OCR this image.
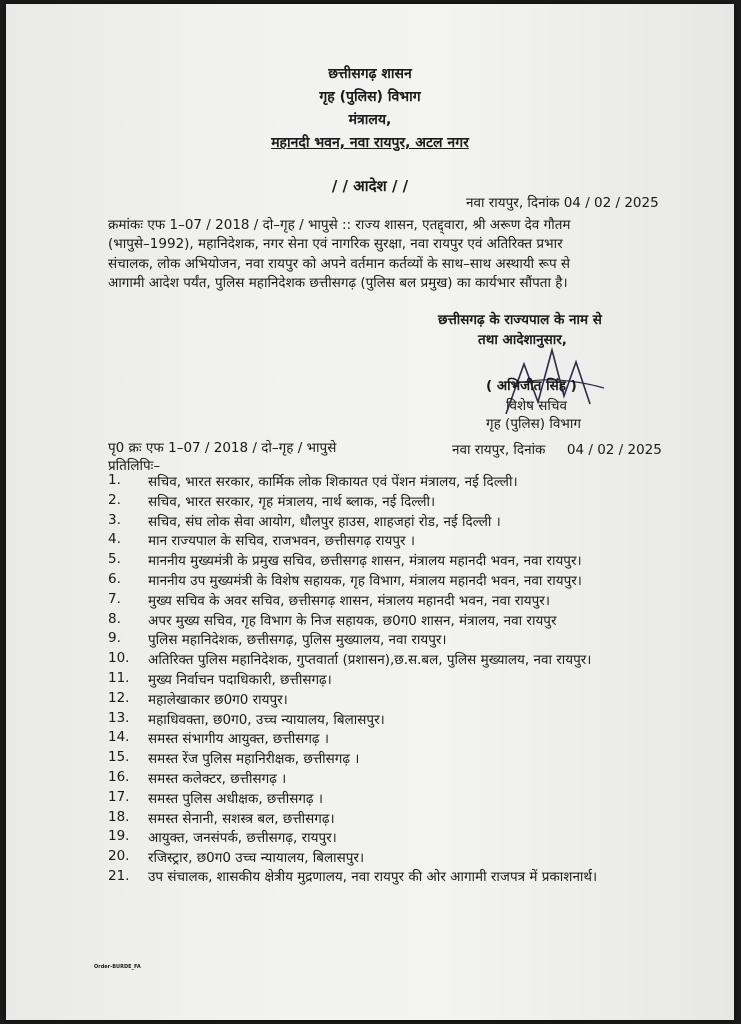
छत्तीसगढ़ शासन
गृह (पुलिस) विभाग
मंत्रालय,
महानदी भवन, नवा रायपुर, अटल नगर
/ / आदेश / /
नवा रायपुर, दिनांक 04 / 02 / 2025
क्रमांकः एफ 1–07 / 2018 / दो–गृह / भापुसे :: राज्य शासन, एतद्द्वारा, श्री अरूण देव गौतम
(भापुसे–1992), महानिदेशक, नगर सेना एवं नागरिक सुरक्षा, नवा रायपुर एवं अतिरिक्त प्रभार
संचालक, लोक अभियोजन, नवा रायपुर को अपने वर्तमान कर्तव्यों के साथ–साथ अस्थायी रूप से
आगामी आदेश पर्यंत, पुलिस महानिदेशक छत्तीसगढ़ (पुलिस बल प्रमुख) का कार्यभार सौंपता है।
छत्तीसगढ़ के राज्यपाल के नाम से
तथा आदेशानुसार,
( अभिजीत सिंह )
विशेष सचिव
गृह (पुलिस) विभाग
पृ0 क्रः एफ 1–07 / 2018 / दो–गृह / भापुसे	नवा रायपुर, दिनांक     04 / 02 / 2025
प्रतिलिपिः–
1.	सचिव, भारत सरकार, कार्मिक लोक शिकायत एवं पेंशन मंत्रालय, नई दिल्ली।
2.	सचिव, भारत सरकार, गृह मंत्रालय, नार्थ ब्लाक, नई दिल्ली।
3.	सचिव, संघ लोक सेवा आयोग, धौलपुर हाउस, शाहजहां रोड, नई दिल्ली ।
4.	मान राज्यपाल के सचिव, राजभवन, छत्तीसगढ़ रायपुर ।
5.	माननीय मुख्यमंत्री के प्रमुख सचिव, छत्तीसगढ़ शासन, मंत्रालय महानदी भवन, नवा रायपुर।
6.	माननीय उप मुख्यमंत्री के विशेष सहायक, गृह विभाग, मंत्रालय महानदी भवन, नवा रायपुर।
7.	मुख्य सचिव के अवर सचिव, छत्तीसगढ़ शासन, मंत्रालय महानदी भवन, नवा रायपुर।
8.	अपर मुख्य सचिव, गृह विभाग के निज सहायक, छ0ग0 शासन, मंत्रालय, नवा रायपुर
9.	पुलिस महानिदेशक, छत्तीसगढ़, पुलिस मुख्यालय, नवा रायपुर।
10.	अतिरिक्त पुलिस महानिदेशक, गुप्तवार्ता (प्रशासन),छ.स.बल, पुलिस मुख्यालय, नवा रायपुर।
11.	मुख्य निर्वाचन पदाधिकारी, छत्तीसगढ़।
12.	महालेखाकार छ0ग0 रायपुर।
13.	महाधिवक्ता, छ0ग0, उच्च न्यायालय, बिलासपुर।
14.	समस्त संभागीय आयुक्त, छत्तीसगढ़ ।
15.	समस्त रेंज पुलिस महानिरीक्षक, छत्तीसगढ़ ।
16.	समस्त कलेक्टर, छत्तीसगढ़ ।
17.	समस्त पुलिस अधीक्षक, छत्तीसगढ़ ।
18.	समस्त सेनानी, सशस्त्र बल, छत्तीसगढ़।
19.	आयुक्त, जनसंपर्क, छत्तीसगढ़, रायपुर।
20.	रजिस्ट्रार, छ0ग0 उच्च न्यायालय, बिलासपुर।
21.	उप संचालक, शासकीय क्षेत्रीय मुद्रणालय, नवा रायपुर की ओर आगामी राजपत्र में प्रकाशनार्थ।
Order-BURDE_FA
